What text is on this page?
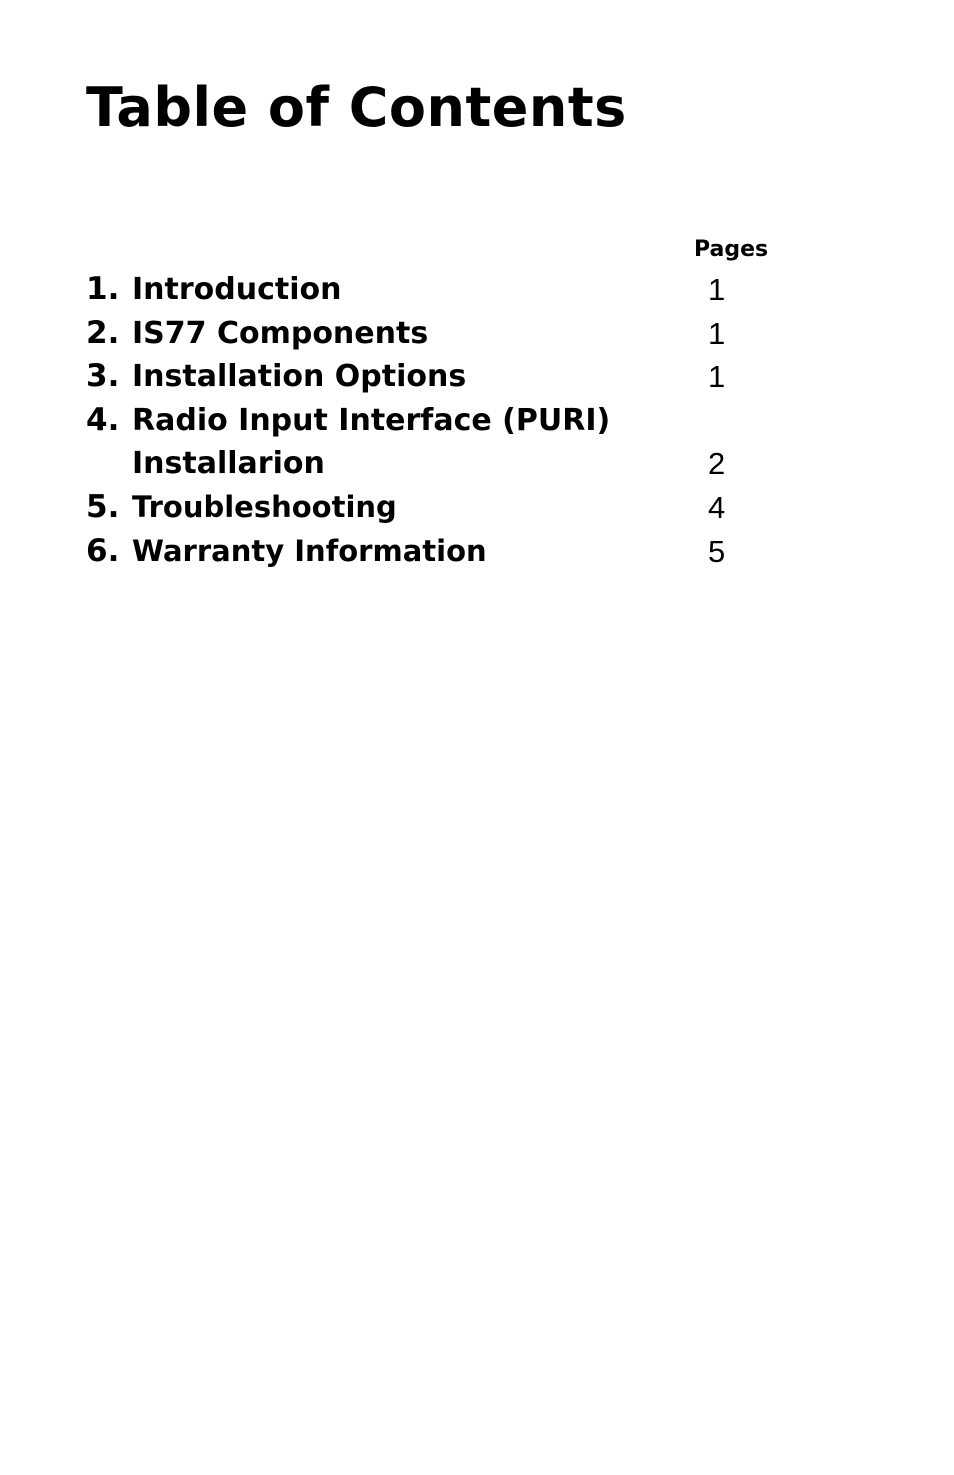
Table of Contents
Pages
1. Introduction	1
2. IS77 Components	1
3. Installation Options	1
4. Radio Input Interface (PURI)
Installarion	2
5. Troubleshooting	4
6. Warranty Information	5
